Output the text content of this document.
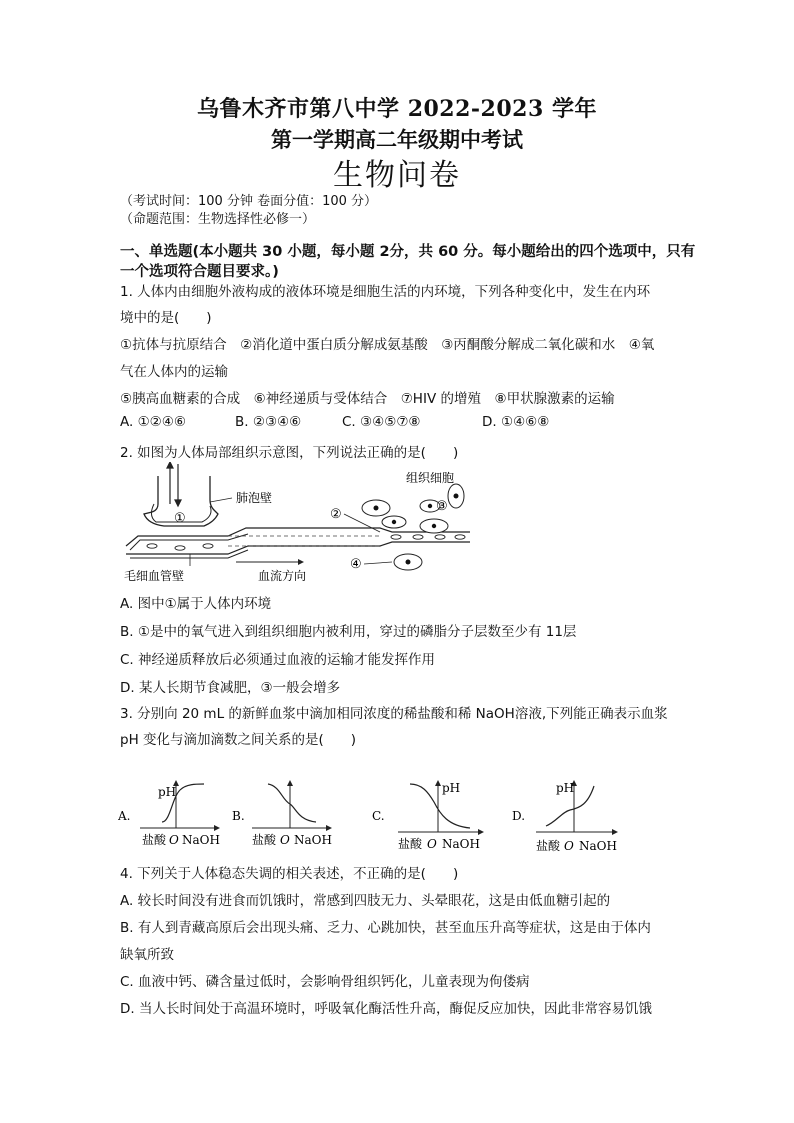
乌鲁木齐市第八中学 2022-2023 学年
第一学期高二年级期中考试
生物问卷
（考试时间：100 分钟 卷面分值：100 分）
（命题范围：生物选择性必修一）
一、单选题(本小题共 30 小题，每小题 2分，共 60 分。每小题给出的四个选项中，只有
一个选项符合题目要求。)
1. 人体内由细胞外液构成的液体环境是细胞生活的内环境，下列各种变化中，发生在内环
境中的是(　　)
①抗体与抗原结合　②消化道中蛋白质分解成氨基酸　③丙酮酸分解成二氧化碳和水　④氧
气在人体内的运输
⑤胰高血糖素的合成　⑥神经递质与受体结合　⑦HIV 的增殖　⑧甲状腺激素的运输
A. ①②④⑥	B. ②③④⑥	C. ③④⑤⑦⑧	D. ①④⑥⑧
2. 如图为人体局部组织示意图，下列说法正确的是(　　)
①
肺泡壁
组织细胞
③
②
④
毛细血管壁	血流方向
A. 图中①属于人体内环境
B. ①是中的氧气进入到组织细胞内被利用，穿过的磷脂分子层数至少有 11层
C. 神经递质释放后必须通过血液的运输才能发挥作用
D. 某人长期节食减肥，③一般会增多
3. 分别向 20 mL 的新鲜血浆中滴加相同浓度的稀盐酸和稀 NaOH溶液,下列能正确表示血浆
pH 变化与滴加滴数之间关系的是(　　)
A.
pH
盐酸 O NaOH
B.
盐酸 O NaOH
C.
pH
盐酸 O NaOH
D.
pH
盐酸 O NaOH
4. 下列关于人体稳态失调的相关表述，不正确的是(　　)
A. 较长时间没有进食而饥饿时，常感到四肢无力、头晕眼花，这是由低血糖引起的
B. 有人到青藏高原后会出现头痛、乏力、心跳加快，甚至血压升高等症状，这是由于体内
缺氧所致
C. 血液中钙、磷含量过低时，会影响骨组织钙化，儿童表现为佝偻病
D. 当人长时间处于高温环境时，呼吸氧化酶活性升高，酶促反应加快，因此非常容易饥饿
